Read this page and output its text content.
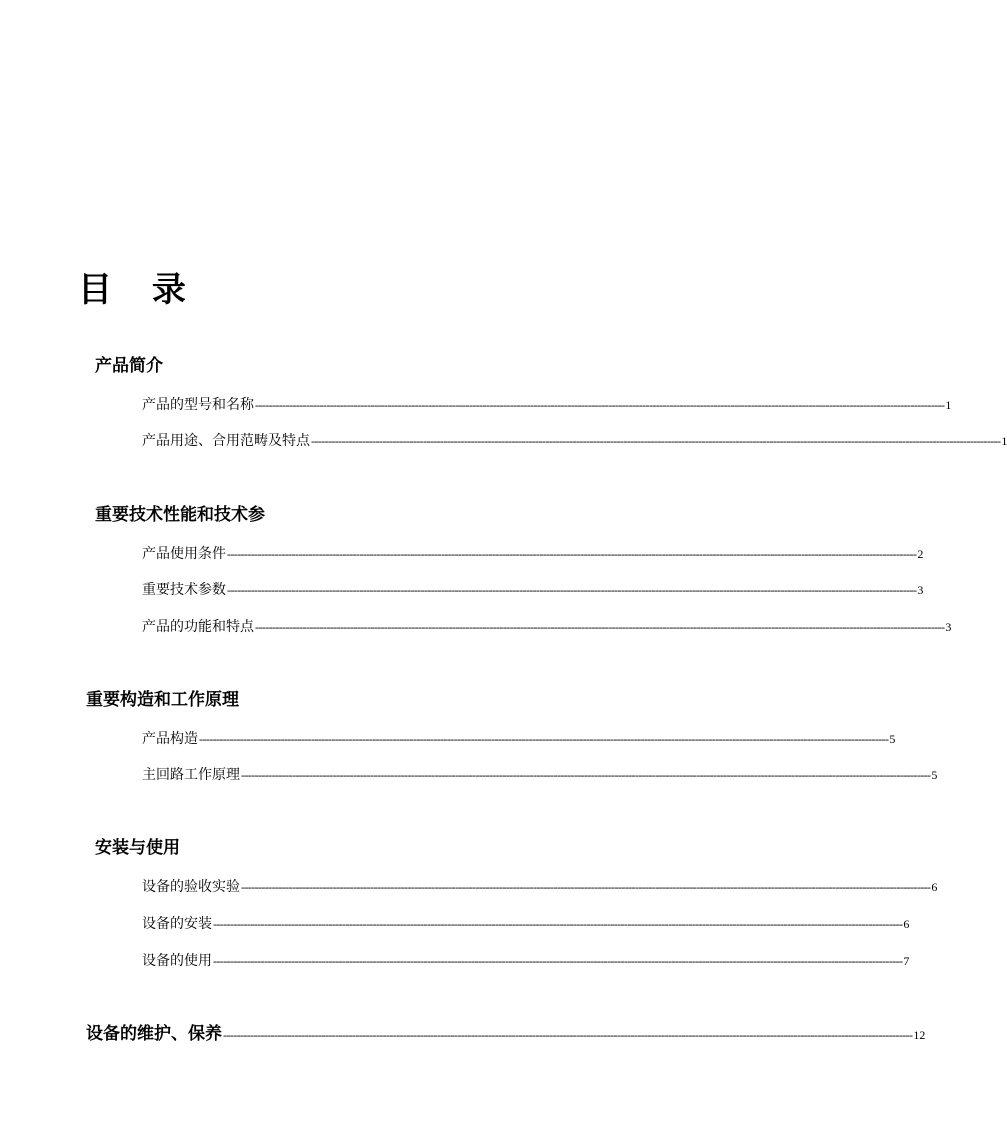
目 录
产品简介
产品的型号和名称 ----------------------------------------------------------------------------------------------------------------------------------------------------------------------------------------------------------- 1
产品用途、合用范畴及特点 ----------------------------------------------------------------------------------------------------------------------------------------------------------------------------------------------------------- 1
重要技术性能和技术参
产品使用条件 ----------------------------------------------------------------------------------------------------------------------------------------------------------------------------------------------------------- 2
重要技术参数 ----------------------------------------------------------------------------------------------------------------------------------------------------------------------------------------------------------- 3
产品的功能和特点 ----------------------------------------------------------------------------------------------------------------------------------------------------------------------------------------------------------- 3
重要构造和工作原理
产品构造 ----------------------------------------------------------------------------------------------------------------------------------------------------------------------------------------------------------- 5
主回路工作原理 ----------------------------------------------------------------------------------------------------------------------------------------------------------------------------------------------------------- 5
安装与使用
设备的验收实验 ----------------------------------------------------------------------------------------------------------------------------------------------------------------------------------------------------------- 6
设备的安装 ----------------------------------------------------------------------------------------------------------------------------------------------------------------------------------------------------------- 6
设备的使用 ----------------------------------------------------------------------------------------------------------------------------------------------------------------------------------------------------------- 7
设备的维护、保养 ----------------------------------------------------------------------------------------------------------------------------------------------------------------------------------------------------------- 12
